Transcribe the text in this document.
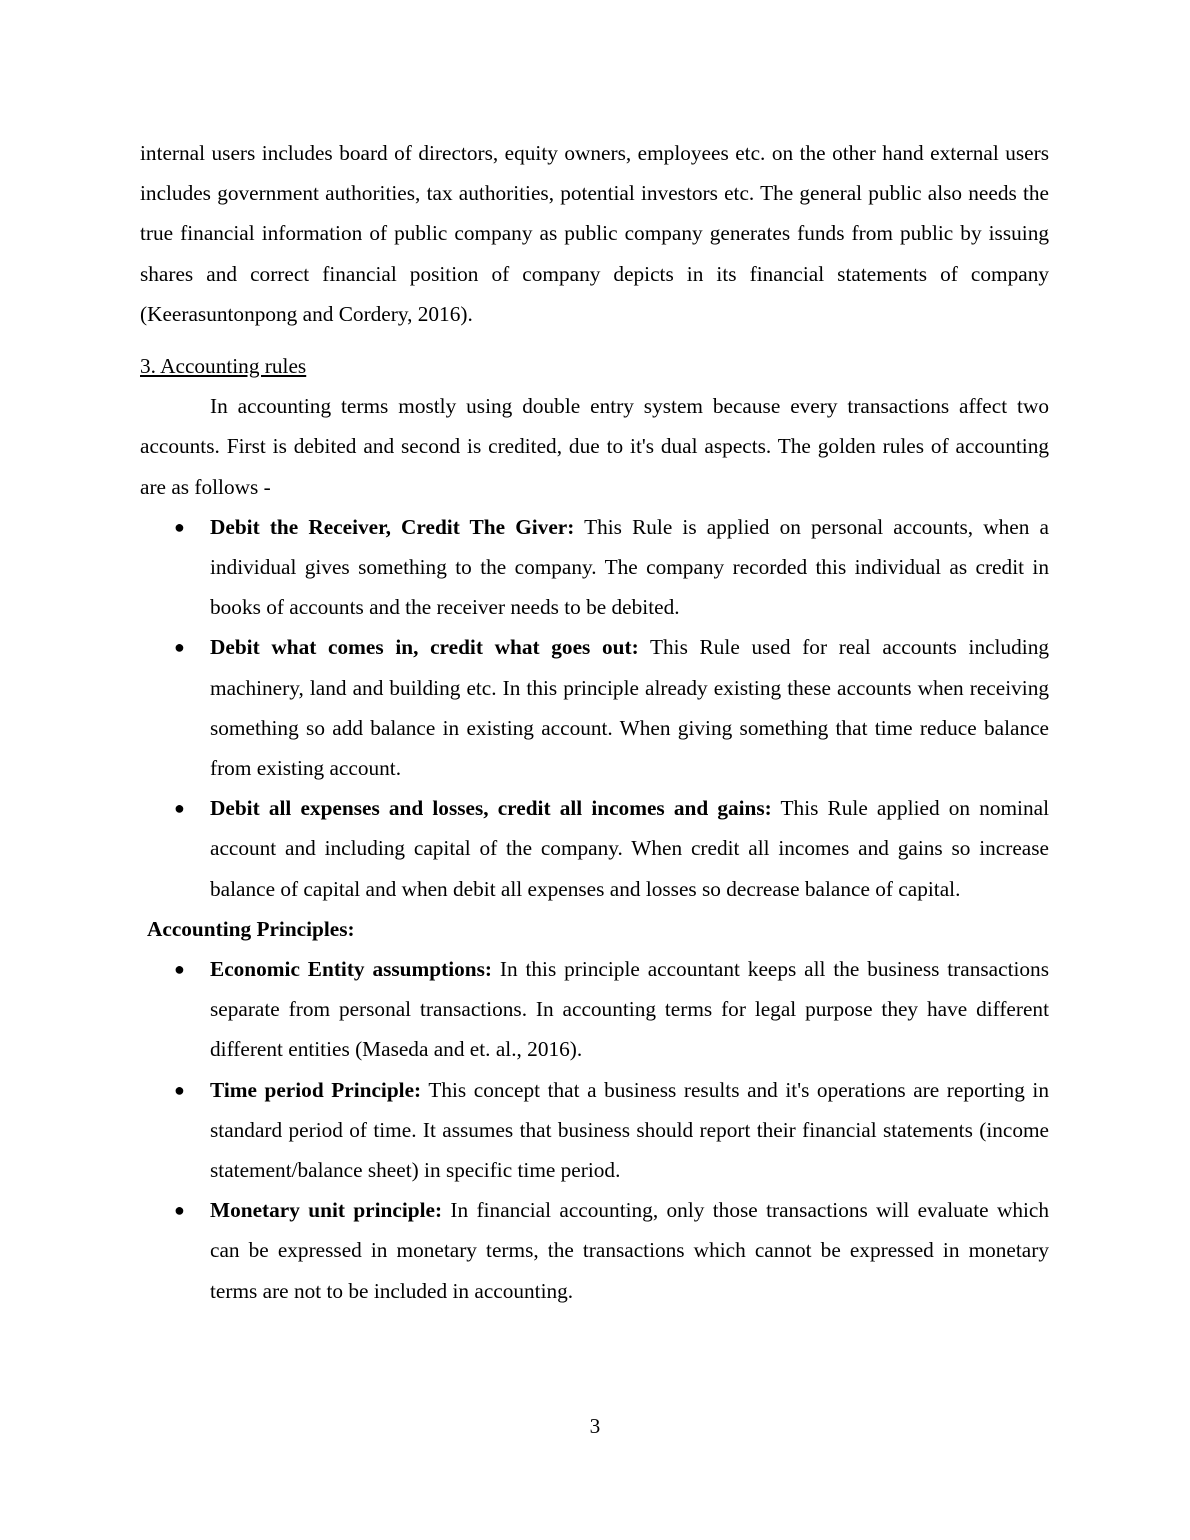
internal users includes board of directors, equity owners, employees etc. on the other hand external users includes government authorities, tax authorities, potential investors etc. The general public also needs the true financial information of public company as public company generates funds from public by issuing shares and correct financial position of company depicts in its financial statements of company (Keerasuntonpong and Cordery, 2016).

3. Accounting rules

In accounting terms mostly using double entry system because every transactions affect two accounts. First is debited and second is credited, due to it's dual aspects. The golden rules of accounting are as follows -

● Debit the Receiver, Credit The Giver: This Rule is applied on personal accounts, when a individual gives something to the company. The company recorded this individual as credit in books of accounts and the receiver needs to be debited.
● Debit what comes in, credit what goes out: This Rule used for real accounts including machinery, land and building etc. In this principle already existing these accounts when receiving something so add balance in existing account. When giving something that time reduce balance from existing account.
● Debit all expenses and losses, credit all incomes and gains: This Rule applied on nominal account and including capital of the company. When credit all incomes and gains so increase balance of capital and when debit all expenses and losses so decrease balance of capital.

Accounting Principles:

● Economic Entity assumptions: In this principle accountant keeps all the business transactions separate from personal transactions. In accounting terms for legal purpose they have different different entities (Maseda and et. al., 2016).
● Time period Principle: This concept that a business results and it's operations are reporting in standard period of time. It assumes that business should report their financial statements (income statement/balance sheet) in specific time period.
● Monetary unit principle: In financial accounting, only those transactions will evaluate which can be expressed in monetary terms, the transactions which cannot be expressed in monetary terms are not to be included in accounting.
3
